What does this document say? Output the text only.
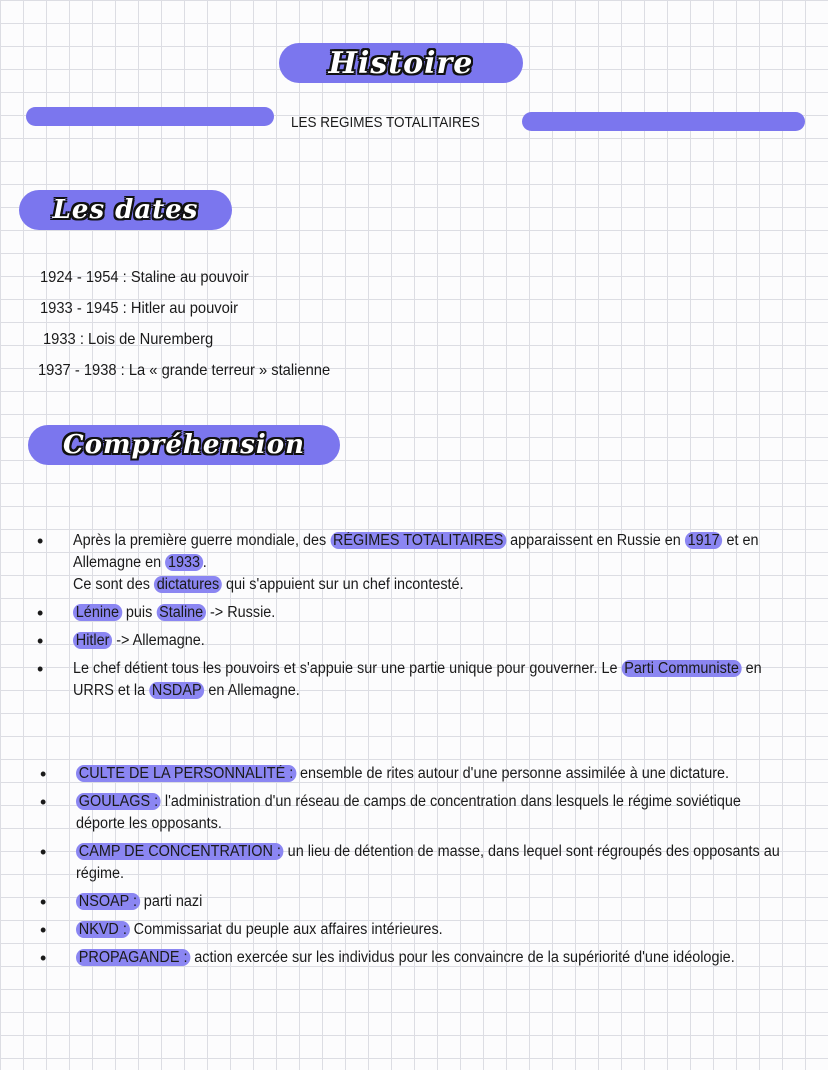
Histoire
LES REGIMES TOTALITAIRES
Les dates
1924 - 1954 : Staline au pouvoir
1933 - 1945 : Hitler au pouvoir
1933 : Lois de Nuremberg
1937 - 1938 : La « grande terreur » stalienne
Compréhension
• Après la première guerre mondiale, des RÉGIMES TOTALITAIRES apparaissent en Russie en 1917 et en Allemagne en 1933 .
Ce sont des dictatures qui s'appuient sur un chef incontesté.
• Lénine puis Staline -> Russie.
• Hitler -> Allemagne.
• Le chef détient tous les pouvoirs et s'appuie sur une partie unique pour gouverner. Le Parti Communiste en URRS et la NSDAP en Allemagne.
• CULTE DE LA PERSONNALITÉ : ensemble de rites autour d'une personne assimilée à une dictature.
• GOULAGS : l'administration d'un réseau de camps de concentration dans lesquels le régime soviétique déporte les opposants.
• CAMP DE CONCENTRATION : un lieu de détention de masse, dans lequel sont régroupés des opposants au régime.
• NSOAP : parti nazi
• NKVD : Commissariat du peuple aux affaires intérieures.
• PROPAGANDE : action exercée sur les individus pour les convaincre de la supériorité d'une idéologie.
